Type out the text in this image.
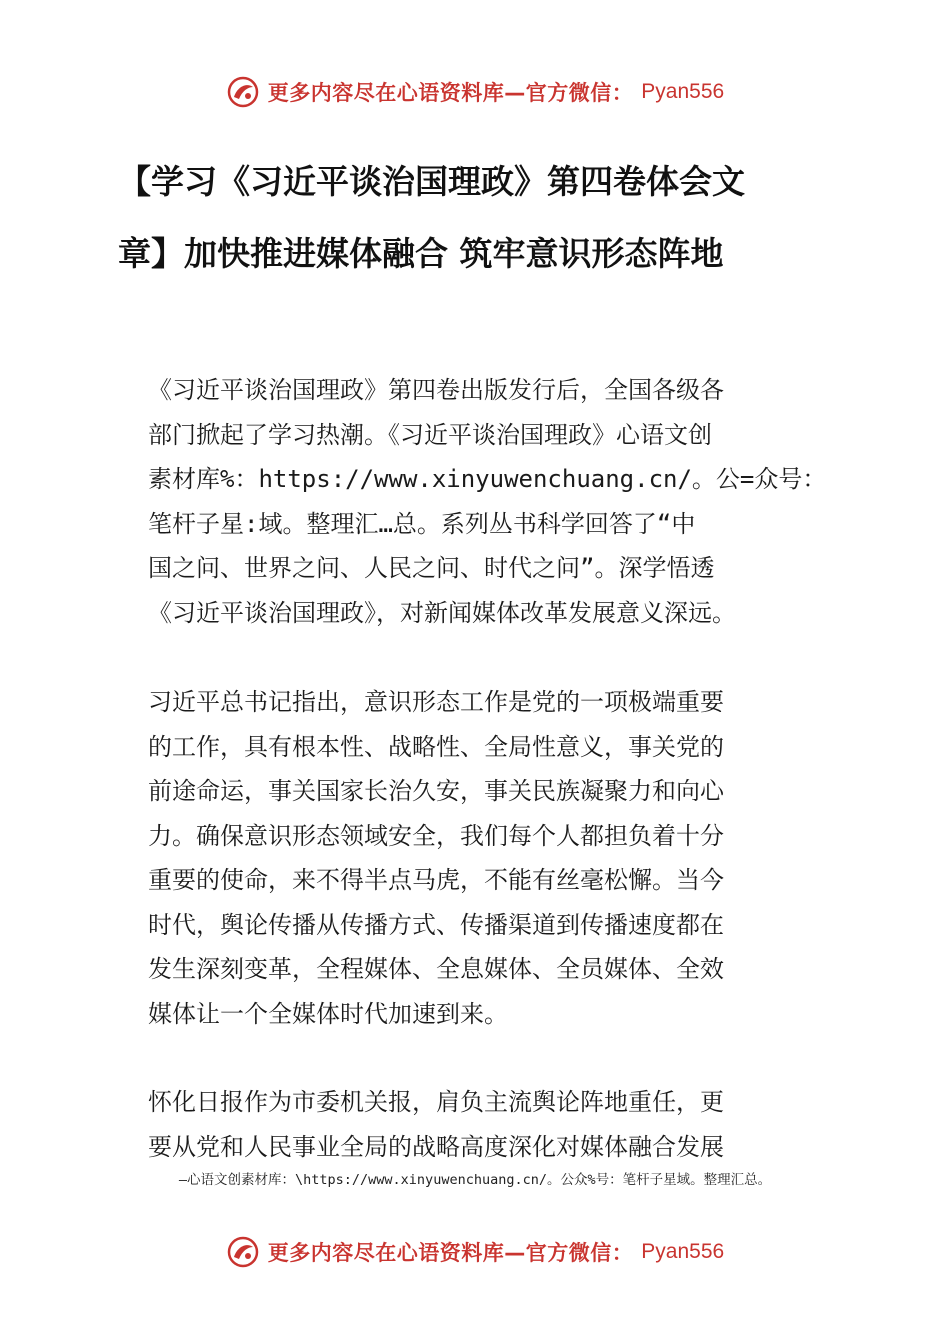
更多内容尽在心语资料库—官方微信： Pyan556
【学习《习近平谈治国理政》第四卷体会文
章】加快推进媒体融合 筑牢意识形态阵地
《习近平谈治国理政》第四卷出版发行后，全国各级各
部门掀起了学习热潮。《习近平谈治国理政》心语文创
素材库%：https://www.xinyuwenchuang.cn/。公=众号：
笔杆子星:域。整理汇…总。系列丛书科学回答了“中
国之问、世界之问、人民之问、时代之问”。深学悟透
《习近平谈治国理政》，对新闻媒体改革发展意义深远。
习近平总书记指出，意识形态工作是党的一项极端重要
的工作，具有根本性、战略性、全局性意义，事关党的
前途命运，事关国家长治久安，事关民族凝聚力和向心
力。确保意识形态领域安全，我们每个人都担负着十分
重要的使命，来不得半点马虎，不能有丝毫松懈。当今
时代，舆论传播从传播方式、传播渠道到传播速度都在
发生深刻变革，全程媒体、全息媒体、全员媒体、全效
媒体让一个全媒体时代加速到来。
怀化日报作为市委机关报，肩负主流舆论阵地重任，更
要从党和人民事业全局的战略高度深化对媒体融合发展
—心语文创素材库：\https://www.xinyuwenchuang.cn/。公众%号：笔杆子星域。整理汇总。
更多内容尽在心语资料库—官方微信： Pyan556
